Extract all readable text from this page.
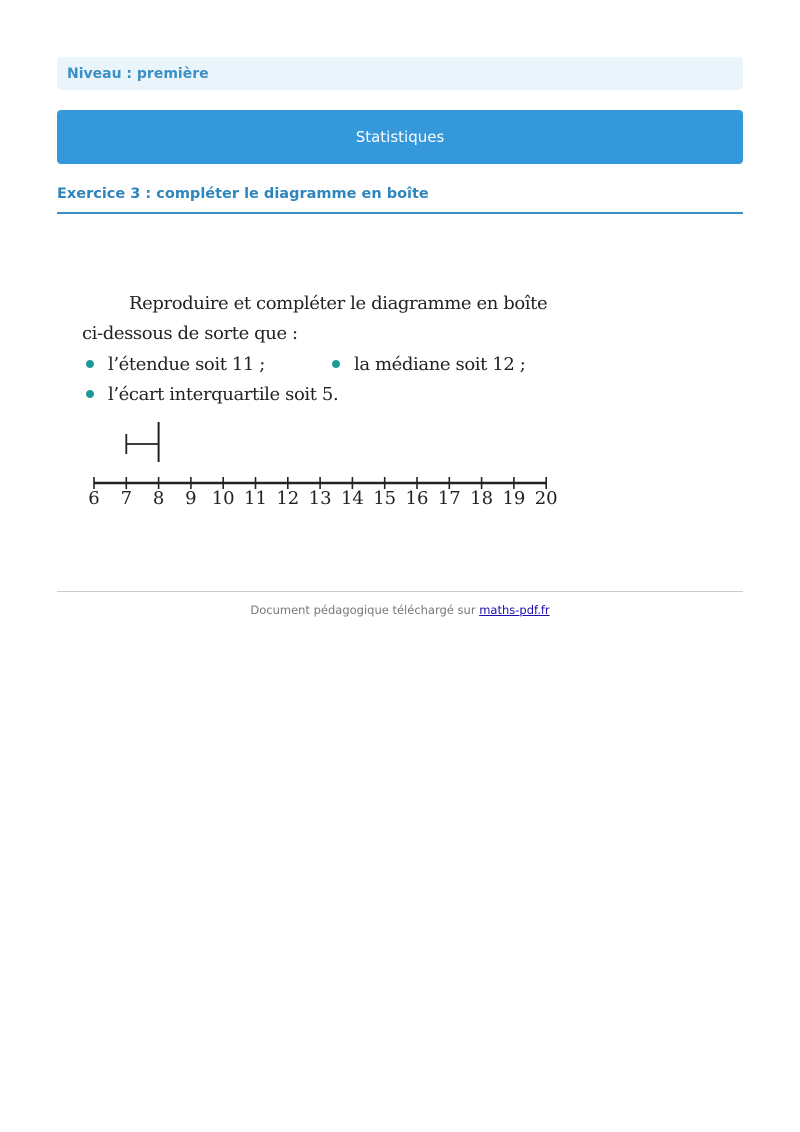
Niveau : première
Statistiques
Exercice 3 : compléter le diagramme en boîte
Reproduire et compléter le diagramme en boîte ci-dessous de sorte que :
l’étendue soit 11 ;	la médiane soit 12 ;
l’écart interquartile soit 5.
6 7 8 9 10 11 12 13 14 15 16 17 18 19 20
Document pédagogique téléchargé sur maths-pdf.fr
